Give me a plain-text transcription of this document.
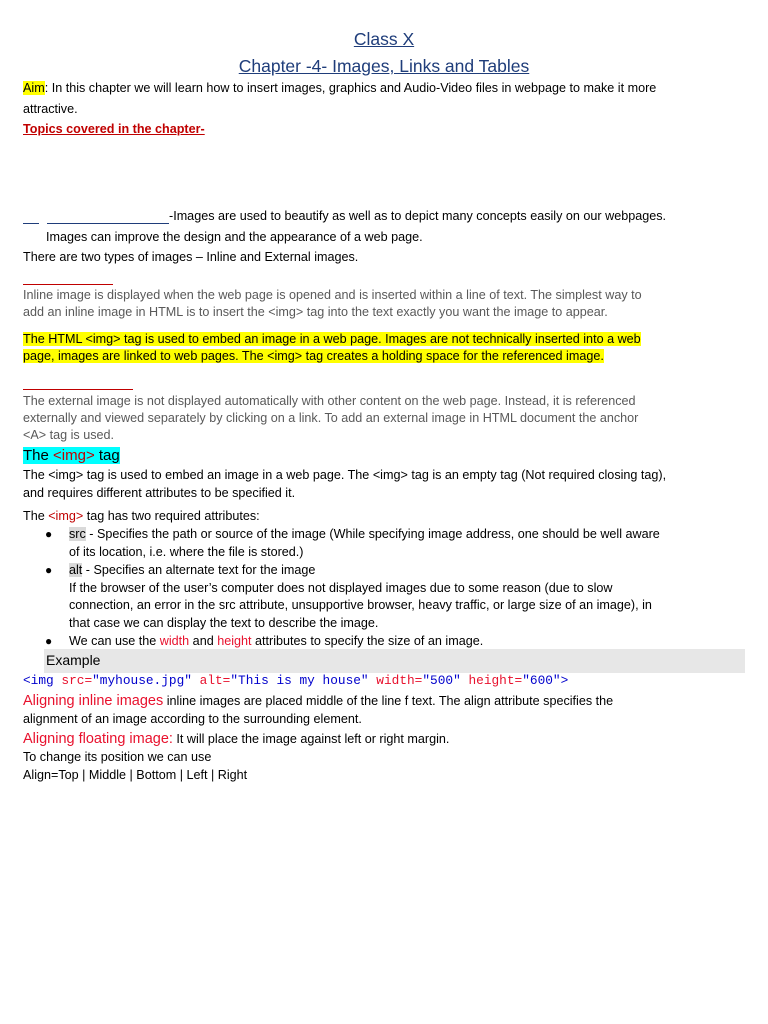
Class X
Chapter -4- Images, Links and Tables
Aim: In this chapter we will learn how to insert images, graphics and Audio-Video files in webpage to make it more
attractive.
Topics covered in the chapter-
-Images are used to beautify as well as to depict many concepts easily on our webpages.
Images can improve the design and the appearance of a web page.
There are two types of images – Inline and External images.
Inline image is displayed when the web page is opened and is inserted within a line of text. The simplest way to
add an inline image in HTML is to insert the <img> tag into the text exactly you want the image to appear.
The HTML <img> tag is used to embed an image in a web page. Images are not technically inserted into a web
page, images are linked to web pages. The <img> tag creates a holding space for the referenced image.
The external image is not displayed automatically with other content on the web page. Instead, it is referenced
externally and viewed separately by clicking on a link. To add an external image in HTML document the anchor
<A> tag is used.
The <img> tag
The <img> tag is used to embed an image in a web page. The <img> tag is an empty tag (Not required closing tag),
and requires different attributes to be specified it.
The <img> tag has two required attributes:
● src - Specifies the path or source of the image (While specifying image address, one should be well aware
of its location, i.e. where the file is stored.)
● alt - Specifies an alternate text for the image
If the browser of the user’s computer does not displayed images due to some reason (due to slow
connection, an error in the src attribute, unsupportive browser, heavy traffic, or large size of an image), in
that case we can display the text to describe the image.
● We can use the width and height attributes to specify the size of an image.
Example
<img src="myhouse.jpg" alt="This is my house" width="500" height="600">
Aligning inline images inline images are placed middle of the line f text. The align attribute specifies the
alignment of an image according to the surrounding element.
Aligning floating image: It will place the image against left or right margin.
To change its position we can use
Align=Top | Middle | Bottom | Left | Right
